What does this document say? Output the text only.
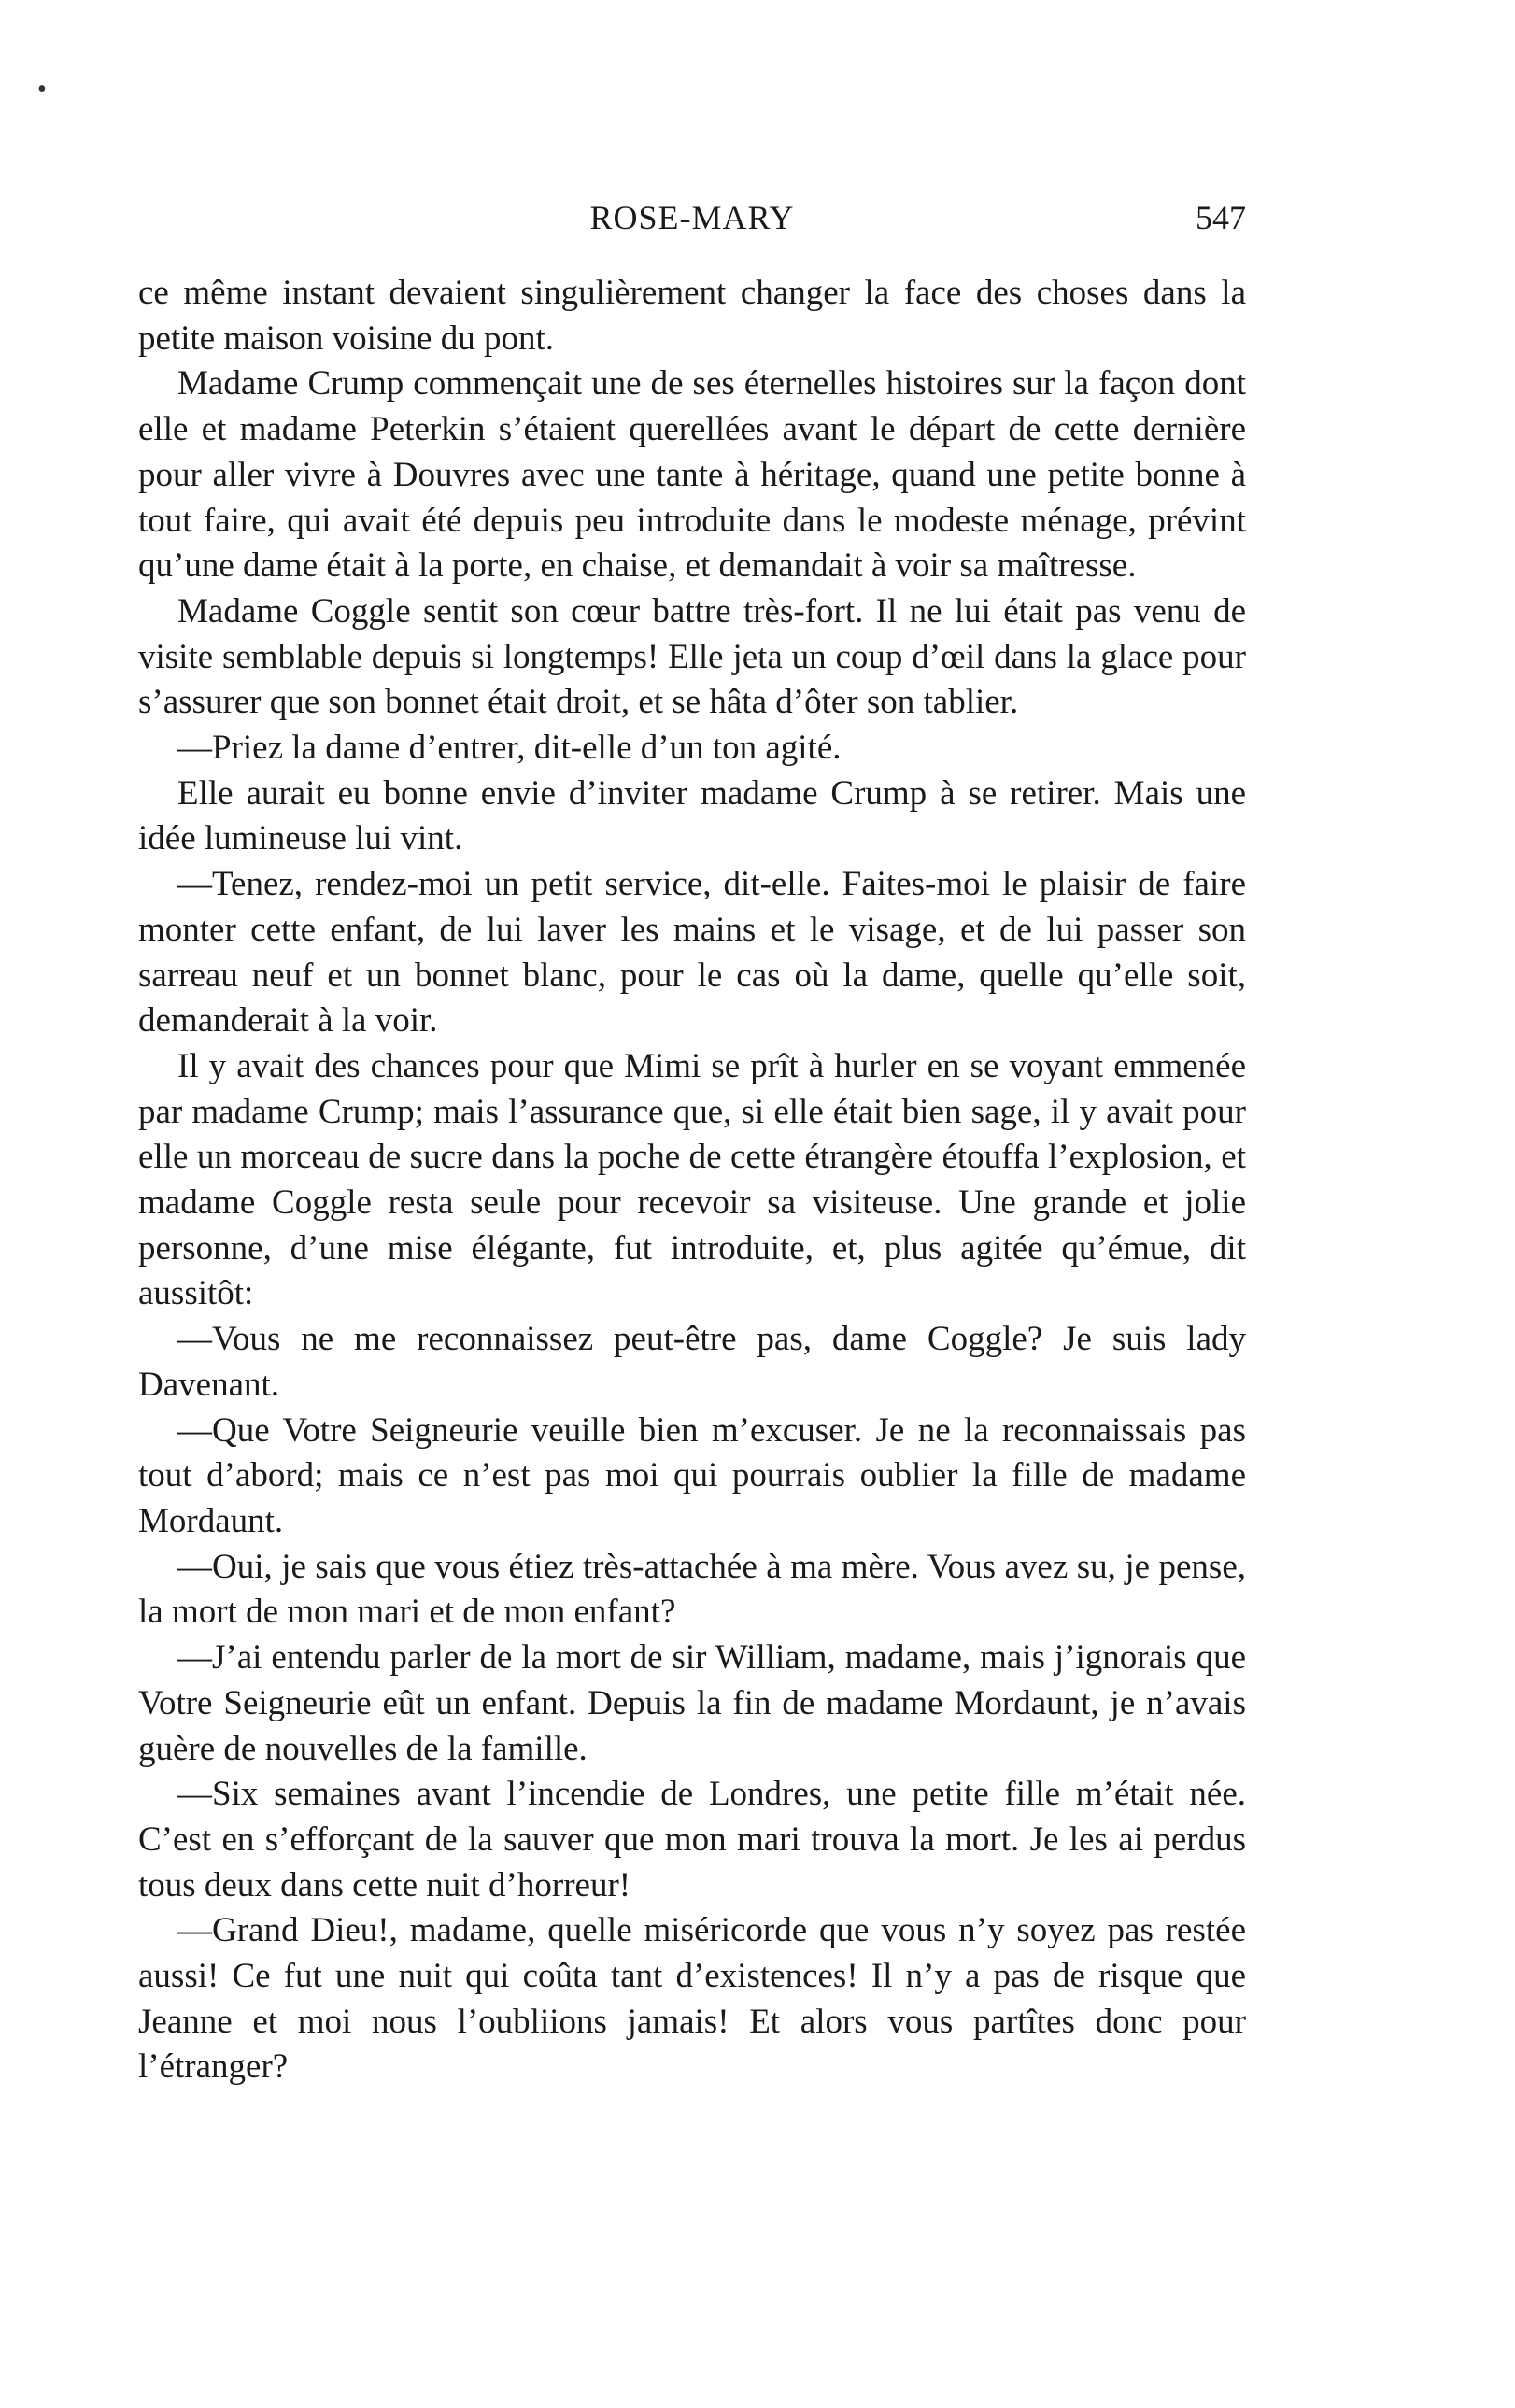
•
ROSE-MARY	547

ce même instant devaient singulièrement changer la face des choses dans la petite maison voisine du pont.

Madame Crump commençait une de ses éternelles histoires sur la façon dont elle et madame Peterkin s’étaient querellées avant le départ de cette dernière pour aller vivre à Douvres avec une tante à héritage, quand une petite bonne à tout faire, qui avait été depuis peu introduite dans le modeste ménage, prévint qu’une dame était à la porte, en chaise, et demandait à voir sa maîtresse.

Madame Coggle sentit son cœur battre très-fort. Il ne lui était pas venu de visite semblable depuis si longtemps! Elle jeta un coup d’œil dans la glace pour s’assurer que son bonnet était droit, et se hâta d’ôter son tablier.

—Priez la dame d’entrer, dit-elle d’un ton agité.

Elle aurait eu bonne envie d’inviter madame Crump à se retirer. Mais une idée lumineuse lui vint.

—Tenez, rendez-moi un petit service, dit-elle. Faites-moi le plaisir de faire monter cette enfant, de lui laver les mains et le visage, et de lui passer son sarreau neuf et un bonnet blanc, pour le cas où la dame, quelle qu’elle soit, demanderait à la voir.

Il y avait des chances pour que Mimi se prît à hurler en se voyant emmenée par madame Crump; mais l’assurance que, si elle était bien sage, il y avait pour elle un morceau de sucre dans la poche de cette étrangère étouffa l’explosion, et madame Coggle resta seule pour recevoir sa visiteuse. Une grande et jolie personne, d’une mise élégante, fut introduite, et, plus agitée qu’émue, dit aussitôt:

—Vous ne me reconnaissez peut-être pas, dame Coggle? Je suis lady Davenant.

—Que Votre Seigneurie veuille bien m’excuser. Je ne la reconnaissais pas tout d’abord; mais ce n’est pas moi qui pourrais oublier la fille de madame Mordaunt.

—Oui, je sais que vous étiez très-attachée à ma mère. Vous avez su, je pense, la mort de mon mari et de mon enfant?

—J’ai entendu parler de la mort de sir William, madame, mais j’ignorais que Votre Seigneurie eût un enfant. Depuis la fin de madame Mordaunt, je n’avais guère de nouvelles de la famille.

—Six semaines avant l’incendie de Londres, une petite fille m’était née. C’est en s’efforçant de la sauver que mon mari trouva la mort. Je les ai perdus tous deux dans cette nuit d’horreur!

—Grand Dieu!, madame, quelle miséricorde que vous n’y soyez pas restée aussi! Ce fut une nuit qui coûta tant d’existences! Il n’y a pas de risque que Jeanne et moi nous l’oubliions jamais! Et alors vous partîtes donc pour l’étranger?
